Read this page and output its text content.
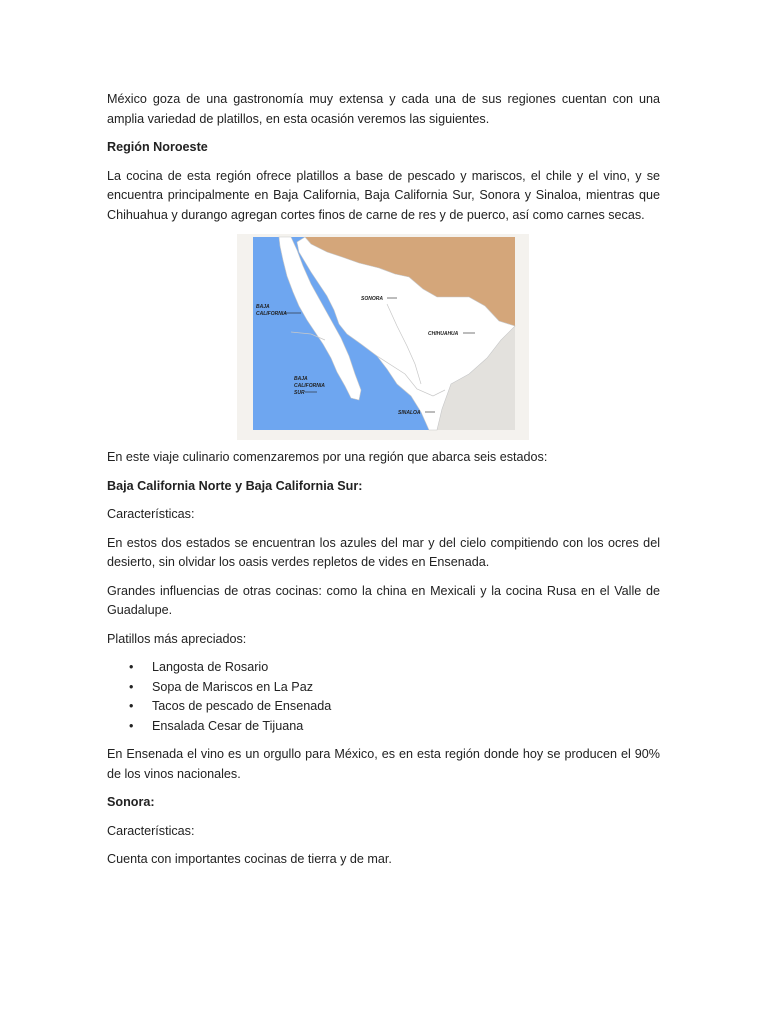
México goza de una gastronomía muy extensa y cada una de sus regiones cuentan con una amplia variedad de platillos, en esta ocasión veremos las siguientes.

Región Noroeste

La cocina de esta región ofrece platillos a base de pescado y mariscos, el chile y el vino, y se encuentra principalmente en Baja California, Baja California Sur, Sonora y Sinaloa, mientras que Chihuahua y durango agregan cortes finos de carne de res y de puerco, así como carnes secas.

BAJA
CALIFORNIA
SONORA
CHIHUAHUA
BAJA
CALIFORNIA
SUR
SINALOA

En este viaje culinario comenzaremos por una región que abarca seis estados:

Baja California Norte y Baja California Sur:

Características:

En estos dos estados se encuentran los azules del mar y del cielo compitiendo con los ocres del desierto, sin olvidar los oasis verdes repletos de vides en Ensenada.

Grandes influencias de otras cocinas: como la china en Mexicali y la cocina Rusa en el Valle de Guadalupe.

Platillos más apreciados:

• Langosta de Rosario
• Sopa de Mariscos en La Paz
• Tacos de pescado de Ensenada
• Ensalada Cesar de Tijuana

En Ensenada el vino es un orgullo para México, es en esta región donde hoy se producen el 90% de los vinos nacionales.

Sonora:

Características:

Cuenta con importantes cocinas de tierra y de mar.
